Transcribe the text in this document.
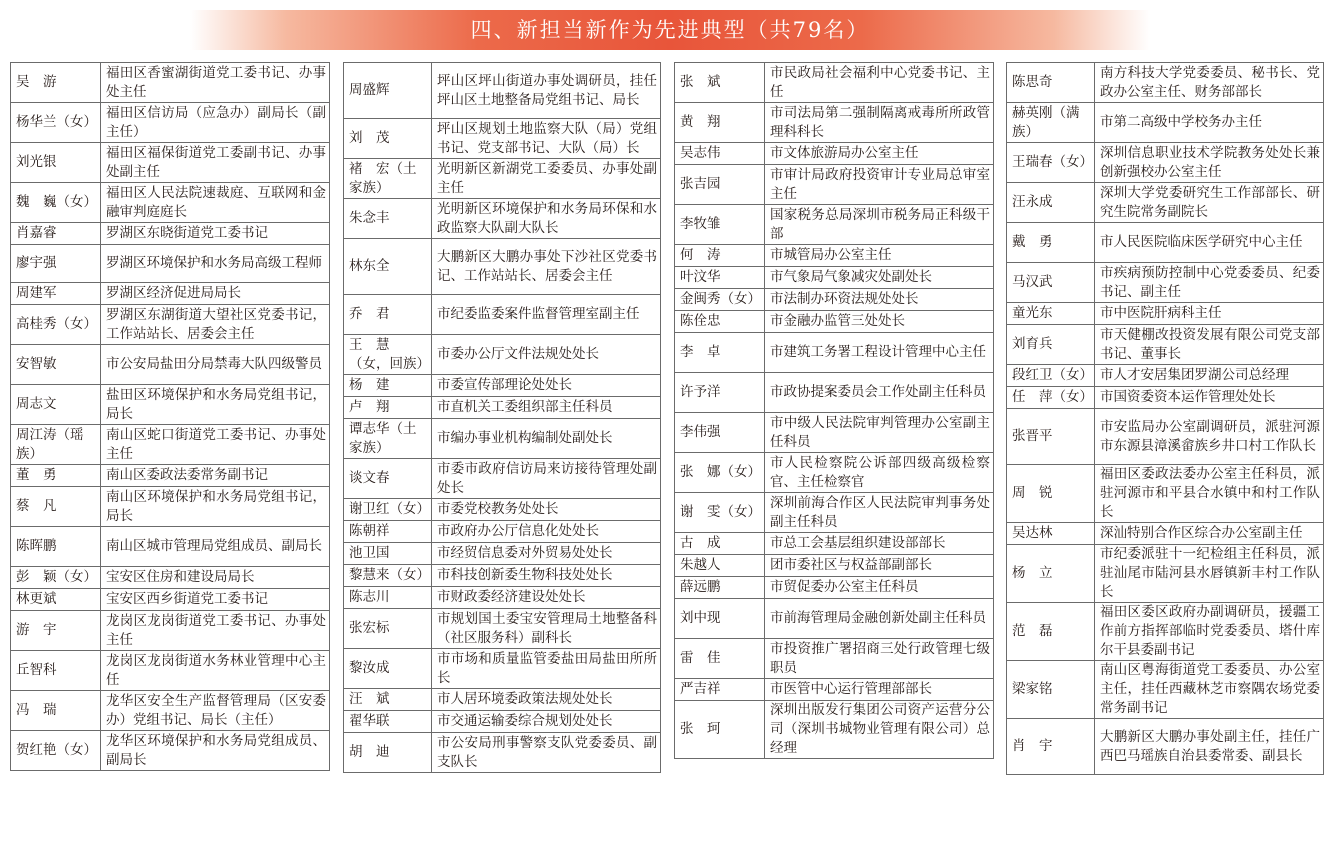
四、新担当新作为先进典型（共79名）
吴　游	福田区香蜜湖街道党工委书记、办事处主任
杨华兰（女）	福田区信访局（应急办）副局长（副主任）
刘光银	福田区福保街道党工委副书记、办事处副主任
魏　巍（女）	福田区人民法院速裁庭、互联网和金融审判庭庭长
肖嘉睿	罗湖区东晓街道党工委书记
廖宇强	罗湖区环境保护和水务局高级工程师
周建军	罗湖区经济促进局局长
高桂秀（女）	罗湖区东湖街道大望社区党委书记，工作站站长、居委会主任
安智敏	市公安局盐田分局禁毒大队四级警员
周志文	盐田区环境保护和水务局党组书记，局长
周江涛（瑶族）	南山区蛇口街道党工委书记、办事处主任
董　勇	南山区委政法委常务副书记
蔡　凡	南山区环境保护和水务局党组书记，局长
陈晖鹏	南山区城市管理局党组成员、副局长
彭　颖（女）	宝安区住房和建设局局长
林更斌	宝安区西乡街道党工委书记
游　宇	龙岗区龙岗街道党工委书记、办事处主任
丘智科	龙岗区龙岗街道水务林业管理中心主任
冯　瑞	龙华区安全生产监督管理局（区安委办）党组书记、局长（主任）
贺红艳（女）	龙华区环境保护和水务局党组成员、副局长
周盛辉	坪山区坪山街道办事处调研员，挂任坪山区土地整备局党组书记、局长
刘　茂	坪山区规划土地监察大队（局）党组书记、党支部书记、大队（局）长
褚　宏（土家族）	光明新区新湖党工委委员、办事处副主任
朱念丰	光明新区环境保护和水务局环保和水政监察大队副大队长
林东全	大鹏新区大鹏办事处下沙社区党委书记、工作站站长、居委会主任
乔　君	市纪委监委案件监督管理室副主任
王　慧（女，回族）	市委办公厅文件法规处处长
杨　建	市委宣传部理论处处长
卢　翔	市直机关工委组织部主任科员
谭志华（土家族）	市编办事业机构编制处副处长
谈文春	市委市政府信访局来访接待管理处副处长
谢卫红（女）	市委党校教务处处长
陈朝祥	市政府办公厅信息化处处长
池卫国	市经贸信息委对外贸易处处长
黎慧来（女）	市科技创新委生物科技处处长
陈志川	市财政委经济建设处处长
张宏标	市规划国土委宝安管理局土地整备科（社区服务科）副科长
黎汝成	市市场和质量监管委盐田局盐田所所长
汪　斌	市人居环境委政策法规处处长
翟华联	市交通运输委综合规划处处长
胡　迪	市公安局刑事警察支队党委委员、副支队长
张　斌	市民政局社会福利中心党委书记、主任
黄　翔	市司法局第二强制隔离戒毒所所政管理科科长
吴志伟	市文体旅游局办公室主任
张吉园	市审计局政府投资审计专业局总审室主任
李牧雏	国家税务总局深圳市税务局正科级干部
何　涛	市城管局办公室主任
叶汶华	市气象局气象减灾处副处长
金闽秀（女）	市法制办环资法规处处长
陈佺忠	市金融办监管三处处长
李　卓	市建筑工务署工程设计管理中心主任
许予洋	市政协提案委员会工作处副主任科员
李伟强	市中级人民法院审判管理办公室副主任科员
张　娜（女）	市人民检察院公诉部四级高级检察官、主任检察官
谢　雯（女）	深圳前海合作区人民法院审判事务处副主任科员
古　成	市总工会基层组织建设部部长
朱越人	团市委社区与权益部副部长
薛远鹏	市贸促委办公室主任科员
刘中现	市前海管理局金融创新处副主任科员
雷　佳	市投资推广署招商三处行政管理七级职员
严吉祥	市医管中心运行管理部部长
张　珂	深圳出版发行集团公司资产运营分公司（深圳书城物业管理有限公司）总经理
陈思奇	南方科技大学党委委员、秘书长、党政办公室主任、财务部部长
赫英刚（满族）	市第二高级中学校务办主任
王瑞春（女）	深圳信息职业技术学院教务处处长兼创新强校办公室主任
汪永成	深圳大学党委研究生工作部部长、研究生院常务副院长
戴　勇	市人民医院临床医学研究中心主任
马汉武	市疾病预防控制中心党委委员、纪委书记、副主任
童光东	市中医院肝病科主任
刘育兵	市天健棚改投资发展有限公司党支部书记、董事长
段红卫（女）	市人才安居集团罗湖公司总经理
任　萍（女）	市国资委资本运作管理处处长
张晋平	市安监局办公室副调研员，派驻河源市东源县漳溪畲族乡井口村工作队长
周　锐	福田区委政法委办公室主任科员，派驻河源市和平县合水镇中和村工作队长
吴达林	深汕特别合作区综合办公室副主任
杨　立	市纪委派驻十一纪检组主任科员，派驻汕尾市陆河县水唇镇新丰村工作队长
范　磊	福田区委区政府办副调研员，援疆工作前方指挥部临时党委委员、塔什库尔干县委副书记
梁家铭	南山区粤海街道党工委委员、办公室主任，挂任西藏林芝市察隅农场党委常务副书记
肖　宇	大鹏新区大鹏办事处副主任，挂任广西巴马瑶族自治县委常委、副县长
